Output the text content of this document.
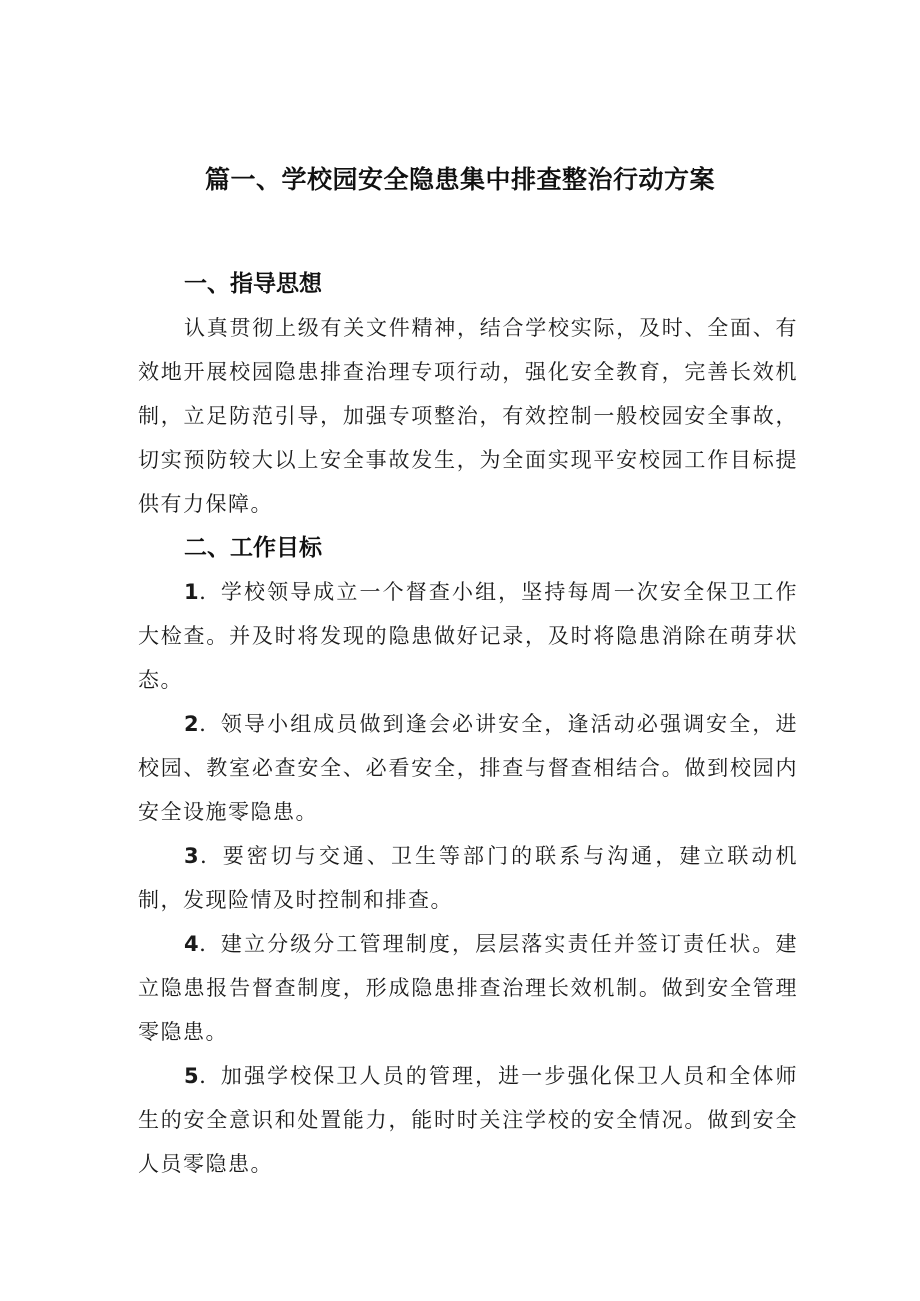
篇一、学校园安全隐患集中排查整治行动方案

一、指导思想

认真贯彻上级有关文件精神，结合学校实际，及时、全面、有效地开展校园隐患排查治理专项行动，强化安全教育，完善长效机制，立足防范引导，加强专项整治，有效控制一般校园安全事故，切实预防较大以上安全事故发生，为全面实现平安校园工作目标提供有力保障。

二、工作目标

1．学校领导成立一个督查小组，坚持每周一次安全保卫工作大检查。并及时将发现的隐患做好记录，及时将隐患消除在萌芽状态。

2．领导小组成员做到逢会必讲安全，逢活动必强调安全，进校园、教室必查安全、必看安全，排查与督查相结合。做到校园内安全设施零隐患。

3．要密切与交通、卫生等部门的联系与沟通，建立联动机制，发现险情及时控制和排查。

4．建立分级分工管理制度，层层落实责任并签订责任状。建立隐患报告督查制度，形成隐患排查治理长效机制。做到安全管理零隐患。

5．加强学校保卫人员的管理，进一步强化保卫人员和全体师生的安全意识和处置能力，能时时关注学校的安全情况。做到安全人员零隐患。
